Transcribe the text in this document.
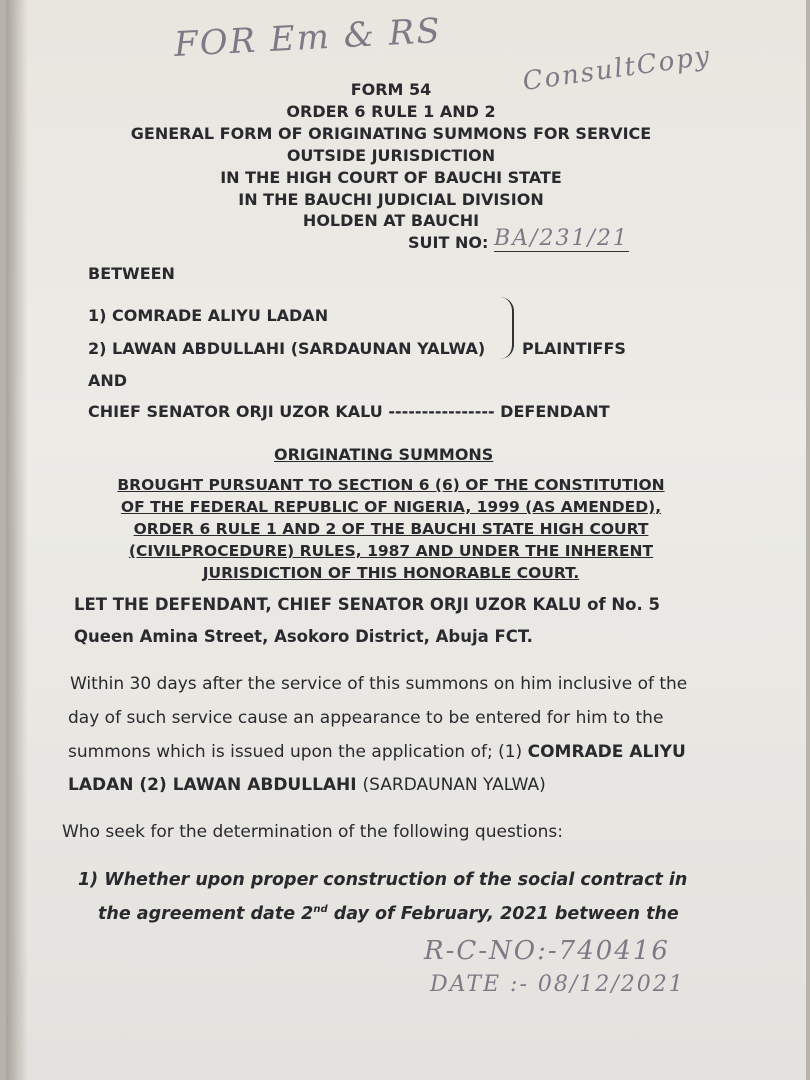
FOR Em & RS
ConsultCopy
FORM 54
ORDER 6 RULE 1 AND 2
GENERAL FORM OF ORIGINATING SUMMONS FOR SERVICE
OUTSIDE JURISDICTION
IN THE HIGH COURT OF BAUCHI STATE
IN THE BAUCHI JUDICIAL DIVISION
HOLDEN AT BAUCHI
SUIT NO: BA/231/21
BETWEEN
1) COMRADE ALIYU LADAN
2) LAWAN ABDULLAHI (SARDAUNAN YALWA) PLAINTIFFS
AND
CHIEF SENATOR ORJI UZOR KALU ---------------- DEFENDANT
ORIGINATING SUMMONS
BROUGHT PURSUANT TO SECTION 6 (6) OF THE CONSTITUTION
OF THE FEDERAL REPUBLIC OF NIGERIA, 1999 (AS AMENDED),
ORDER 6 RULE 1 AND 2 OF THE BAUCHI STATE HIGH COURT
(CIVILPROCEDURE) RULES, 1987 AND UNDER THE INHERENT
JURISDICTION OF THIS HONORABLE COURT.
LET THE DEFENDANT, CHIEF SENATOR ORJI UZOR KALU of No. 5
Queen Amina Street, Asokoro District, Abuja FCT.
Within 30 days after the service of this summons on him inclusive of the
day of such service cause an appearance to be entered for him to the
summons which is issued upon the application of; (1) COMRADE ALIYU
LADAN (2) LAWAN ABDULLAHI (SARDAUNAN YALWA)
Who seek for the determination of the following questions:
1) Whether upon proper construction of the social contract in
the agreement date 2nd day of February, 2021 between the
R-C-NO:-740416
DATE :- 08/12/2021
